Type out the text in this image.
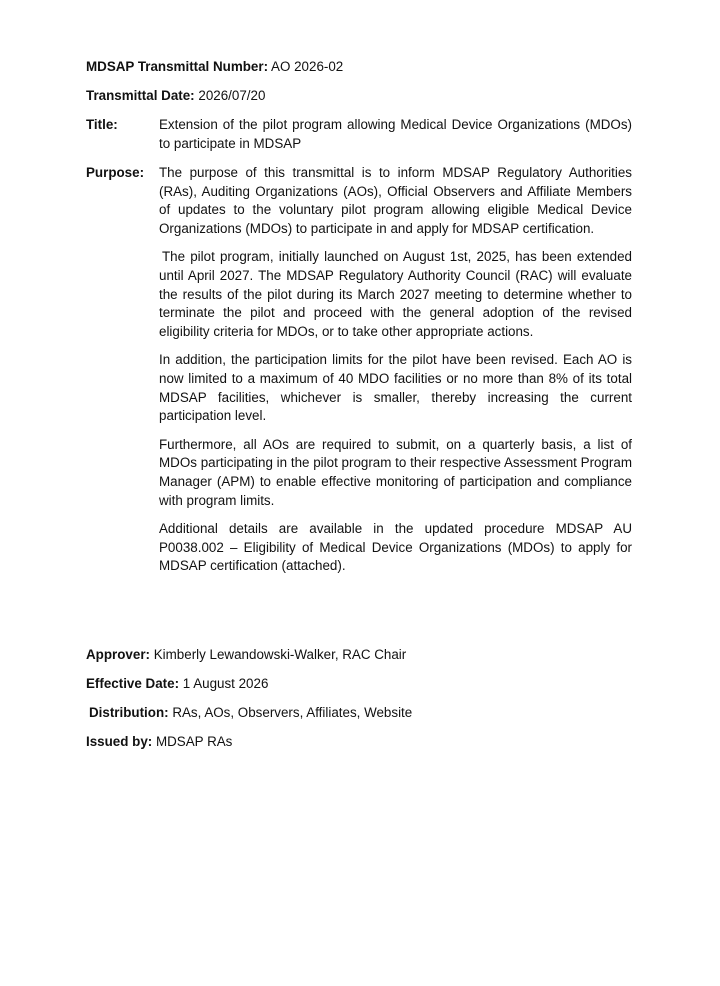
MDSAP Transmittal Number: AO 2026-02

Transmittal Date: 2026/07/20

Title:	Extension of the pilot program allowing Medical Device Organizations (MDOs) to participate in MDSAP
Purpose:	The purpose of this transmittal is to inform MDSAP Regulatory Authorities (RAs), Auditing Organizations (AOs), Official Observers and Affiliate Members of updates to the voluntary pilot program allowing eligible Medical Device Organizations (MDOs) to participate in and apply for MDSAP certification.

The pilot program, initially launched on August 1st, 2025, has been extended until April 2027. The MDSAP Regulatory Authority Council (RAC) will evaluate the results of the pilot during its March 2027 meeting to determine whether to terminate the pilot and proceed with the general adoption of the revised eligibility criteria for MDOs, or to take other appropriate actions.

In addition, the participation limits for the pilot have been revised. Each AO is now limited to a maximum of 40 MDO facilities or no more than 8% of its total MDSAP facilities, whichever is smaller, thereby increasing the current participation level.

Furthermore, all AOs are required to submit, on a quarterly basis, a list of MDOs participating in the pilot program to their respective Assessment Program Manager (APM) to enable effective monitoring of participation and compliance with program limits.

Additional details are available in the updated procedure MDSAP AU P0038.002 – Eligibility of Medical Device Organizations (MDOs) to apply for MDSAP certification (attached).

Approver: Kimberly Lewandowski-Walker, RAC Chair

Effective Date: 1 August 2026

Distribution: RAs, AOs, Observers, Affiliates, Website

Issued by: MDSAP RAs
